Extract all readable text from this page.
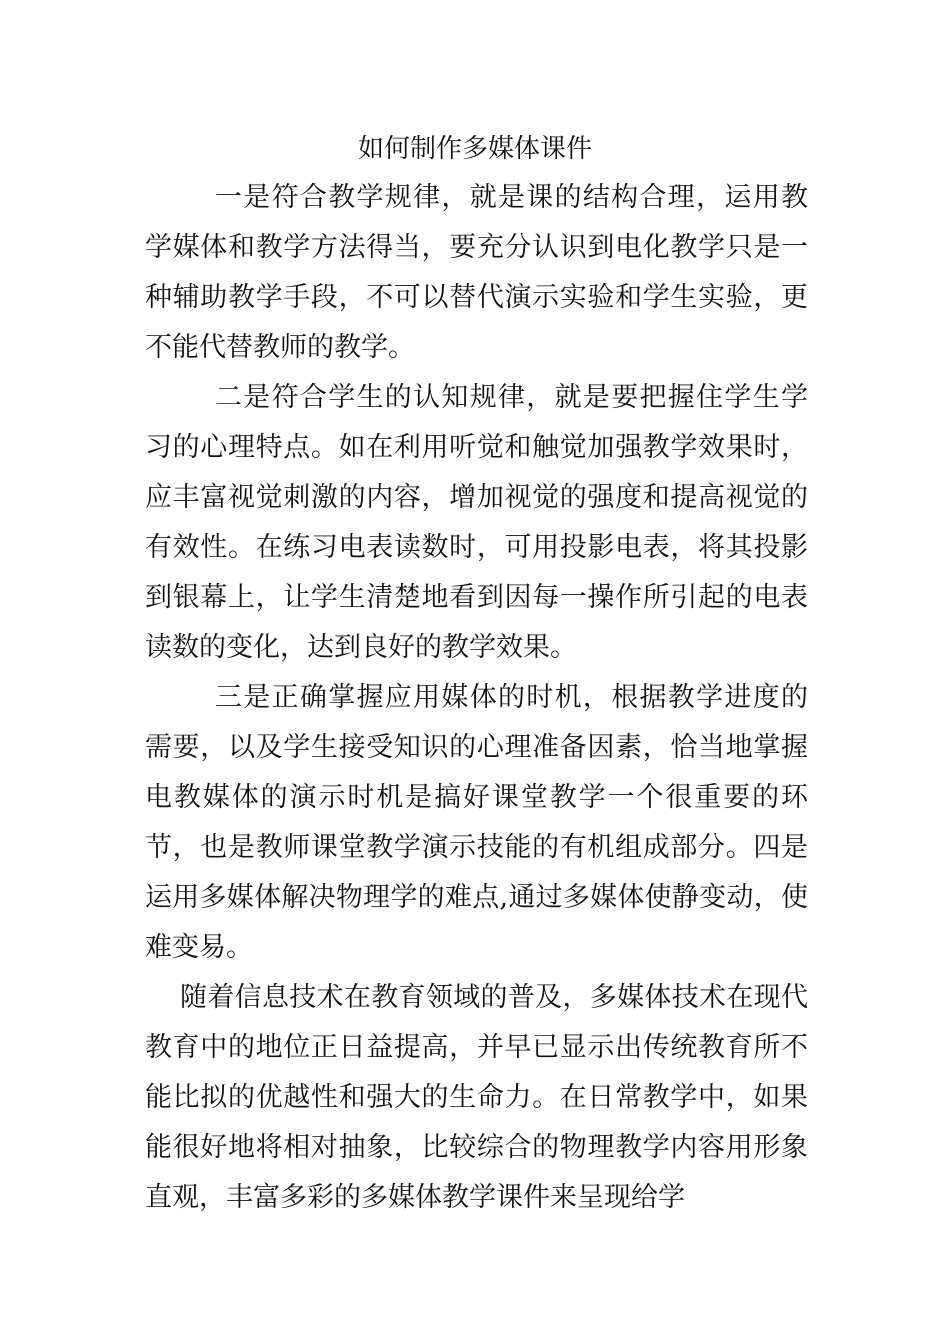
如何制作多媒体课件

一是符合教学规律，就是课的结构合理，运用教学媒体和教学方法得当，要充分认识到电化教学只是一种辅助教学手段，不可以替代演示实验和学生实验，更不能代替教师的教学。

二是符合学生的认知规律，就是要把握住学生学习的心理特点。如在利用听觉和触觉加强教学效果时，应丰富视觉刺激的内容，增加视觉的强度和提高视觉的有效性。在练习电表读数时，可用投影电表，将其投影到银幕上，让学生清楚地看到因每一操作所引起的电表读数的变化，达到良好的教学效果。

三是正确掌握应用媒体的时机，根据教学进度的需要，以及学生接受知识的心理准备因素，恰当地掌握电教媒体的演示时机是搞好课堂教学一个很重要的环节，也是教师课堂教学演示技能的有机组成部分。四是运用多媒体解决物理学的难点,通过多媒体使静变动，使难变易。

随着信息技术在教育领域的普及，多媒体技术在现代教育中的地位正日益提高，并早已显示出传统教育所不能比拟的优越性和强大的生命力。在日常教学中，如果能很好地将相对抽象，比较综合的物理教学内容用形象直观，丰富多彩的多媒体教学课件来呈现给学
